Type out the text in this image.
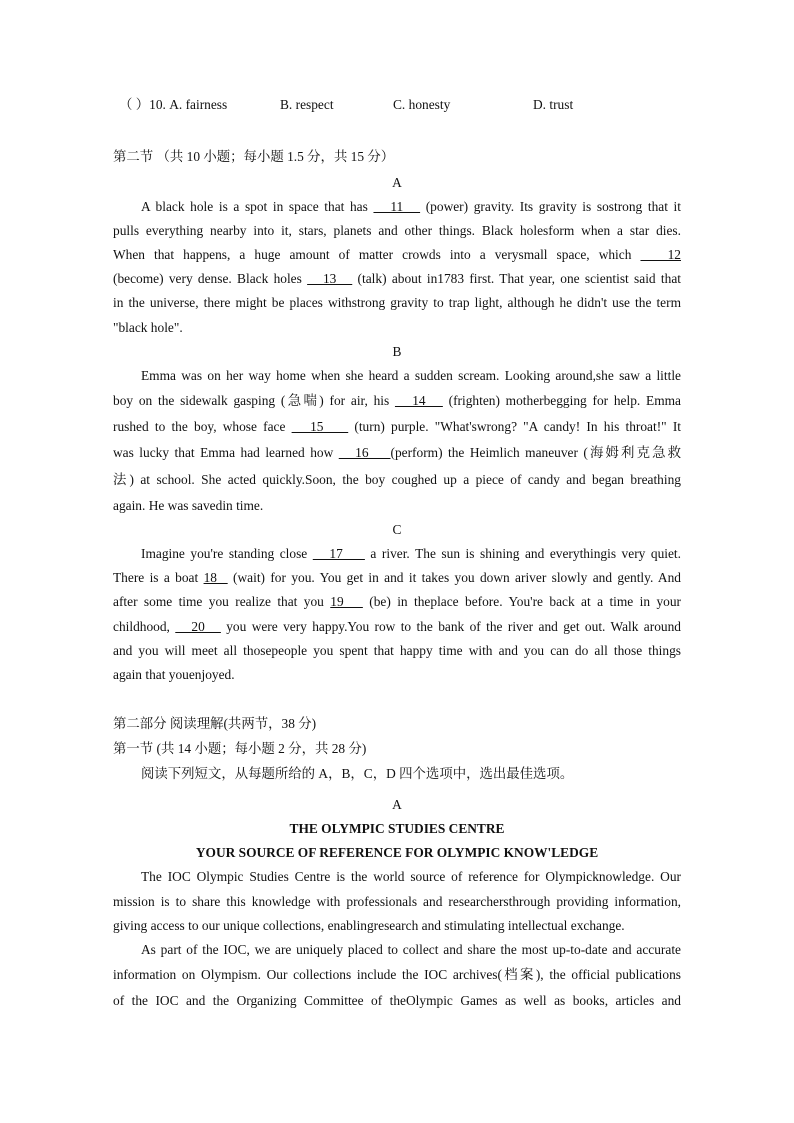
（ ）10. A. fairness	B. respect	C. honesty	D. trust
第二节 （共 10 小题；每小题 1.5 分，共 15 分）
A
A black hole is a spot in space that has    11    (power) gravity. Its gravity is sostrong that it
pulls everything nearby into it, stars, planets and other things. Black holesform when a star dies.
When that happens, a huge amount of matter crowds into a verysmall space, which    12
(become) very dense. Black holes    13    (talk) about in1783 first. That year, one scientist said that
in the universe, there might be places withstrong gravity to trap light, although he didn't use the term
"black hole".
B
Emma was on her way home when she heard a sudden scream. Looking around,she saw a little
boy on the sidewalk gasping (急喘) for air, his    14    (frighten) motherbegging for help. Emma
rushed to the boy, whose face    15     (turn) purple. "What'swrong? "A candy! In his throat!" It
was lucky that Emma had learned how    16    (perform) the Heimlich maneuver (海姆利克急救
法) at school. She acted quickly.Soon, the boy coughed up a piece of candy and began breathing
again. He was savedin time.
C
Imagine you're standing close    17     a river. The sun is shining and everythingis very quiet.
There is a boat 18   (wait) for you. You get in and it takes you down ariver slowly and gently. And
after some time you realize that you 19    (be) in theplace before. You're back at a time in your
childhood,    20    you were very happy.You row to the bank of the river and get out. Walk around
and you will meet all thosepeople you spent that happy time with and you can do all those things
again that youenjoyed.
第二部分 阅读理解(共两节，38 分)
第一节 (共 14 小题；每小题 2 分，共 28 分)
阅读下列短文，从每题所给的 A，B，C，D 四个选项中，选出最佳选项。
A
THE OLYMPIC STUDIES CENTRE
YOUR SOURCE OF REFERENCE FOR OLYMPIC KNOW'LEDGE
The IOC Olympic Studies Centre is the world source of reference for Olympicknowledge. Our
mission is to share this knowledge with professionals and researchersthrough providing information,
giving access to our unique collections, enablingresearch and stimulating intellectual exchange.
As part of the IOC, we are uniquely placed to collect and share the most up-to-date and accurate
information on Olympism. Our collections include the IOC archives(档案), the official publications
of the IOC and the Organizing Committee of theOlympic Games as well as books, articles and
